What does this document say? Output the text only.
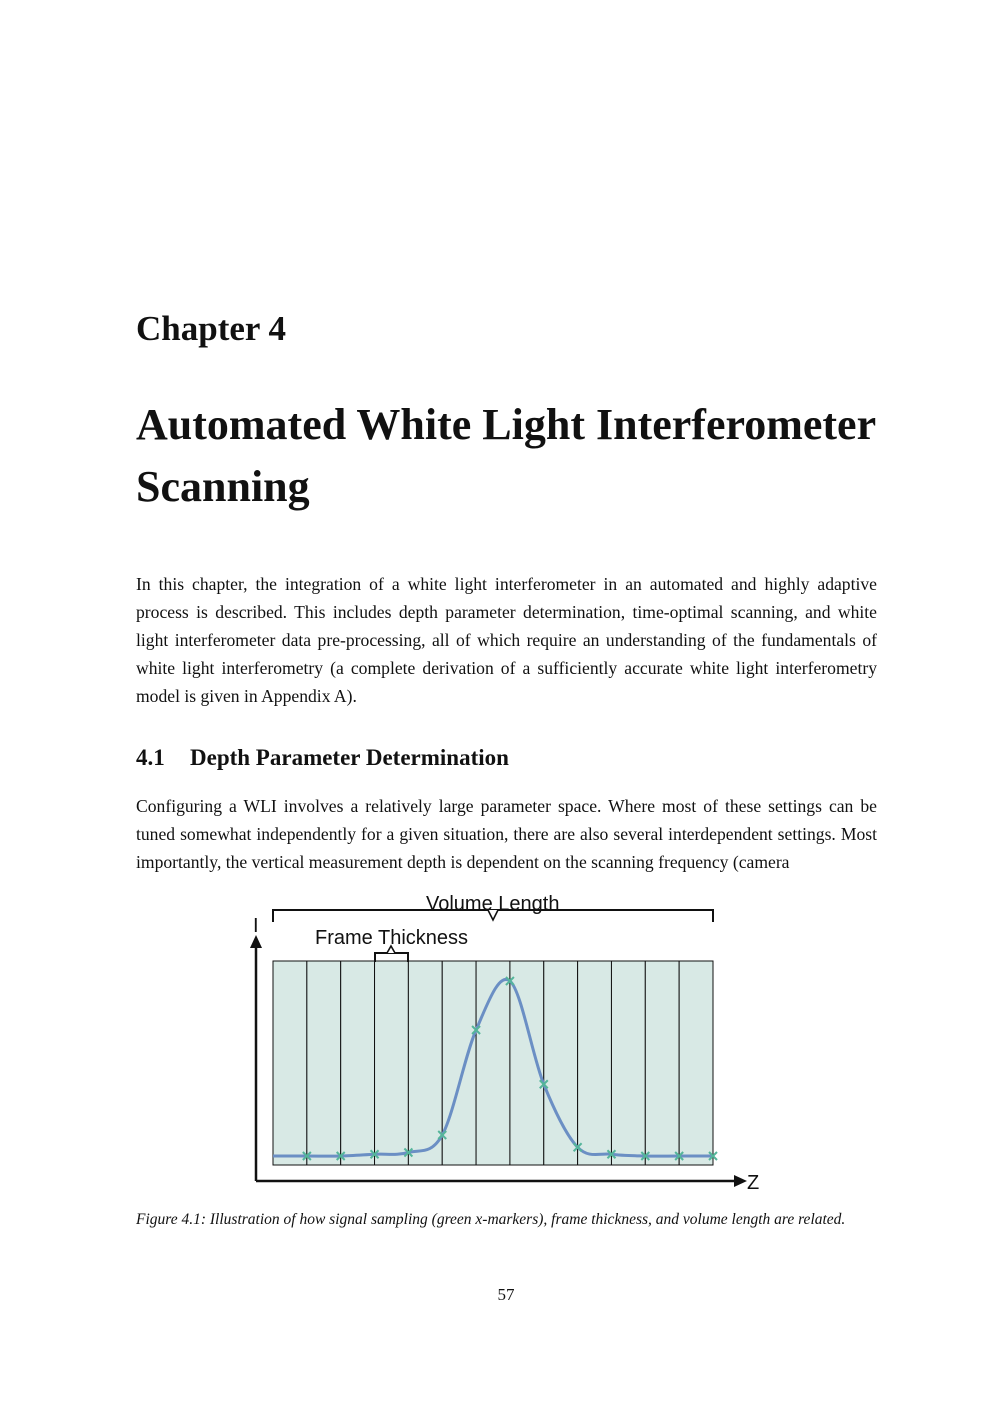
Chapter 4
Automated White Light Interferometer Scanning

In this chapter, the integration of a white light interferometer in an automated and highly adaptive process is described. This includes depth parameter determination, time-optimal scanning, and white light interferometer data pre-processing, all of which require an understanding of the fundamentals of white light interferometry (a complete derivation of a sufficiently accurate white light interferometry model is given in Appendix A).

4.1 Depth Parameter Determination

Configuring a WLI involves a relatively large parameter space. Where most of these settings can be tuned somewhat independently for a given situation, there are also several interdependent settings. Most importantly, the vertical measurement depth is dependent on the scanning frequency (camera

Volume Length
Frame Thickness
I
Z

Figure 4.1: Illustration of how signal sampling (green x-markers), frame thickness, and volume length are related.

57
